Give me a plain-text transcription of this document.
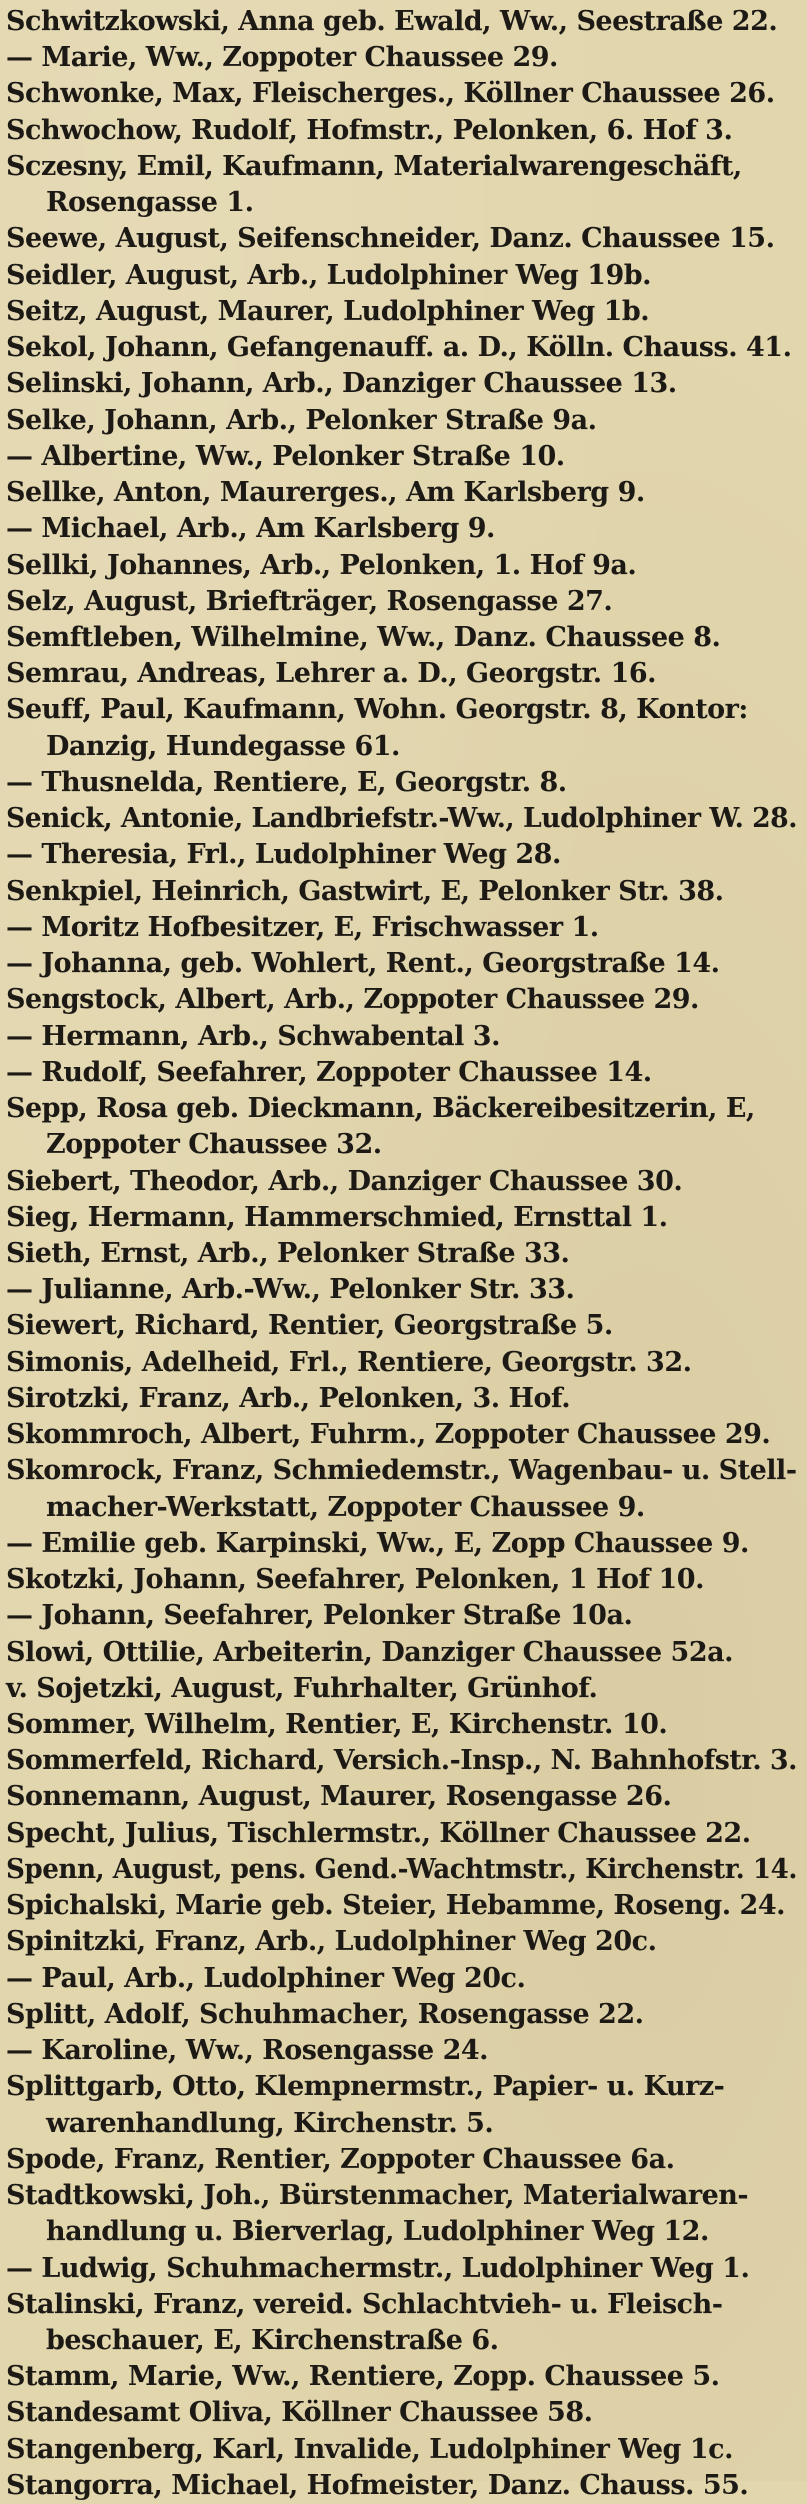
Schwitzkowski, Anna geb. Ewald, Ww., Seestraße 22.
— Marie, Ww., Zoppoter Chaussee 29.
Schwonke, Max, Fleischerges., Köllner Chaussee 26.
Schwochow, Rudolf, Hofmstr., Pelonken, 6. Hof 3.
Sczesny, Emil, Kaufmann, Materialwarengeschäft,
Rosengasse 1.
Seewe, August, Seifenschneider, Danz. Chaussee 15.
Seidler, August, Arb., Ludolphiner Weg 19b.
Seitz, August, Maurer, Ludolphiner Weg 1b.
Sekol, Johann, Gefangenauff. a. D., Kölln. Chauss. 41.
Selinski, Johann, Arb., Danziger Chaussee 13.
Selke, Johann, Arb., Pelonker Straße 9a.
— Albertine, Ww., Pelonker Straße 10.
Sellke, Anton, Maurerges., Am Karlsberg 9.
— Michael, Arb., Am Karlsberg 9.
Sellki, Johannes, Arb., Pelonken, 1. Hof 9a.
Selz, August, Briefträger, Rosengasse 27.
Semftleben, Wilhelmine, Ww., Danz. Chaussee 8.
Semrau, Andreas, Lehrer a. D., Georgstr. 16.
Seuff, Paul, Kaufmann, Wohn. Georgstr. 8, Kontor:
Danzig, Hundegasse 61.
— Thusnelda, Rentiere, E, Georgstr. 8.
Senick, Antonie, Landbriefstr.-Ww., Ludolphiner W. 28.
— Theresia, Frl., Ludolphiner Weg 28.
Senkpiel, Heinrich, Gastwirt, E, Pelonker Str. 38.
— Moritz Hofbesitzer, E, Frischwasser 1.
— Johanna, geb. Wohlert, Rent., Georgstraße 14.
Sengstock, Albert, Arb., Zoppoter Chaussee 29.
— Hermann, Arb., Schwabental 3.
— Rudolf, Seefahrer, Zoppoter Chaussee 14.
Sepp, Rosa geb. Dieckmann, Bäckereibesitzerin, E,
Zoppoter Chaussee 32.
Siebert, Theodor, Arb., Danziger Chaussee 30.
Sieg, Hermann, Hammerschmied, Ernsttal 1.
Sieth, Ernst, Arb., Pelonker Straße 33.
— Julianne, Arb.-Ww., Pelonker Str. 33.
Siewert, Richard, Rentier, Georgstraße 5.
Simonis, Adelheid, Frl., Rentiere, Georgstr. 32.
Sirotzki, Franz, Arb., Pelonken, 3. Hof.
Skommroch, Albert, Fuhrm., Zoppoter Chaussee 29.
Skomrock, Franz, Schmiedemstr., Wagenbau- u. Stell-
macher-Werkstatt, Zoppoter Chaussee 9.
— Emilie geb. Karpinski, Ww., E, Zopp Chaussee 9.
Skotzki, Johann, Seefahrer, Pelonken, 1 Hof 10.
— Johann, Seefahrer, Pelonker Straße 10a.
Slowi, Ottilie, Arbeiterin, Danziger Chaussee 52a.
v. Sojetzki, August, Fuhrhalter, Grünhof.
Sommer, Wilhelm, Rentier, E, Kirchenstr. 10.
Sommerfeld, Richard, Versich.-Insp., N. Bahnhofstr. 3.
Sonnemann, August, Maurer, Rosengasse 26.
Specht, Julius, Tischlermstr., Köllner Chaussee 22.
Spenn, August, pens. Gend.-Wachtmstr., Kirchenstr. 14.
Spichalski, Marie geb. Steier, Hebamme, Roseng. 24.
Spinitzki, Franz, Arb., Ludolphiner Weg 20c.
— Paul, Arb., Ludolphiner Weg 20c.
Splitt, Adolf, Schuhmacher, Rosengasse 22.
— Karoline, Ww., Rosengasse 24.
Splittgarb, Otto, Klempnermstr., Papier- u. Kurz-
warenhandlung, Kirchenstr. 5.
Spode, Franz, Rentier, Zoppoter Chaussee 6a.
Stadtkowski, Joh., Bürstenmacher, Materialwaren-
handlung u. Bierverlag, Ludolphiner Weg 12.
— Ludwig, Schuhmachermstr., Ludolphiner Weg 1.
Stalinski, Franz, vereid. Schlachtvieh- u. Fleisch-
beschauer, E, Kirchenstraße 6.
Stamm, Marie, Ww., Rentiere, Zopp. Chaussee 5.
Standesamt Oliva, Köllner Chaussee 58.
Stangenberg, Karl, Invalide, Ludolphiner Weg 1c.
Stangorra, Michael, Hofmeister, Danz. Chauss. 55.
